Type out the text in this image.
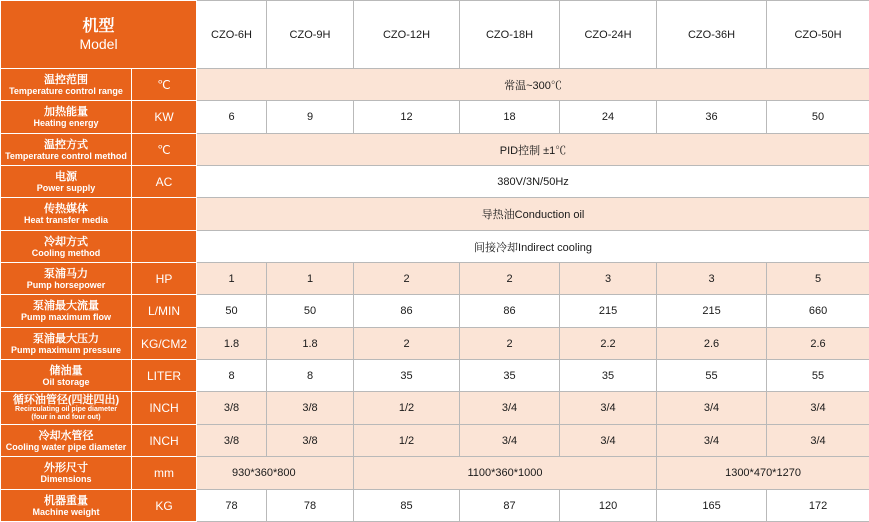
机型
Model		CZO-6H	CZO-9H	CZO-12H	CZO-18H	CZO-24H	CZO-36H	CZO-50H

温控范围
Temperature control range	℃	常温~300℃						

加热能量
Heating energy	KW	6	9	12	18	24	36	50

温控方式
Temperature control method	℃	PID控制 ±1℃						

电源
Power supply	AC	380V/3N/50Hz						

传热媒体
Heat transfer media		导热油Conduction oil						

冷却方式
Cooling method		间接冷却Indirect cooling						

泵浦马力
Pump horsepower	HP	1	1	2	2	3	3	5

泵浦最大流量
Pump maximum flow	L/MIN	50	50	86	86	215	215	660

泵浦最大压力
Pump maximum pressure	KG/CM2	1.8	1.8	2	2	2.2	2.6	2.6

储油量
Oil storage	LITER	8	8	35	35	35	55	55

循环油管径(四进四出)
Recirculating oil pipe diameter
(four in and four out)	INCH	3/8	3/8	1/2	3/4	3/4	3/4	3/4

冷却水管径
Cooling water pipe diameter	INCH	3/8	3/8	1/2	3/4	3/4	3/4	3/4

外形尺寸
Dimensions	mm	930*360*800		1100*360*1000			1300*470*1270	

机器重量
Machine weight	KG	78	78	85	87	120	165	172
